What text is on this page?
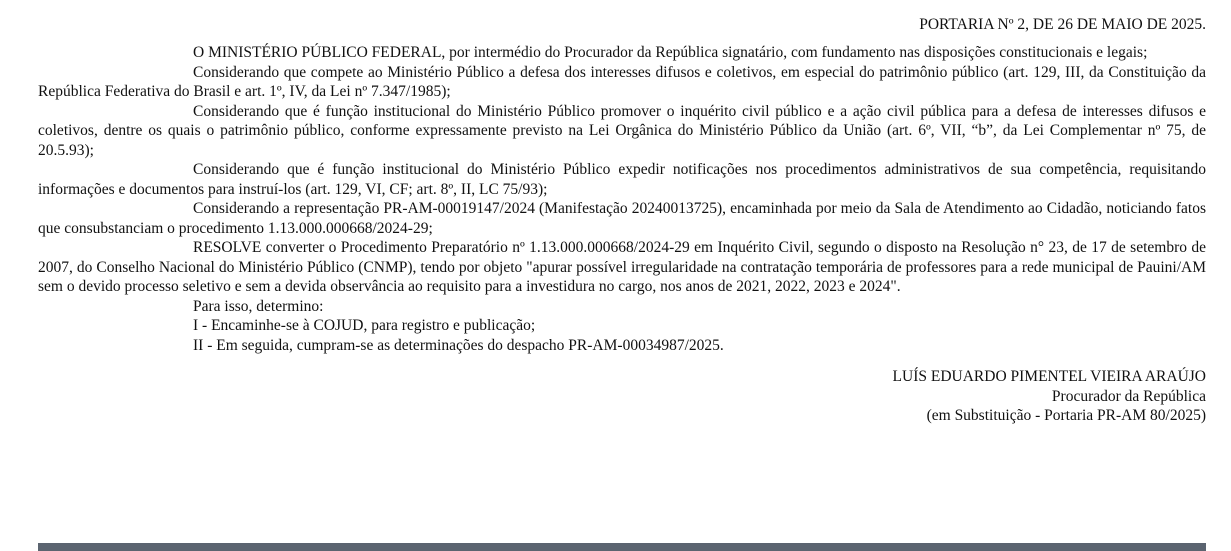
PORTARIA Nº 2, DE 26 DE MAIO DE 2025.

O MINISTÉRIO PÚBLICO FEDERAL, por intermédio do Procurador da República signatário, com fundamento nas disposições constitucionais e legais;

Considerando que compete ao Ministério Público a defesa dos interesses difusos e coletivos, em especial do patrimônio público (art. 129, III, da Constituição da República Federativa do Brasil e art. 1º, IV, da Lei nº 7.347/1985);

Considerando que é função institucional do Ministério Público promover o inquérito civil público e a ação civil pública para a defesa de interesses difusos e coletivos, dentre os quais o patrimônio público, conforme expressamente previsto na Lei Orgânica do Ministério Público da União (art. 6º, VII, “b”, da Lei Complementar nº 75, de 20.5.93);

Considerando que é função institucional do Ministério Público expedir notificações nos procedimentos administrativos de sua competência, requisitando informações e documentos para instruí-los (art. 129, VI, CF; art. 8º, II, LC 75/93);

Considerando a representação PR-AM-00019147/2024 (Manifestação 20240013725), encaminhada por meio da Sala de Atendimento ao Cidadão, noticiando fatos que consubstanciam o procedimento 1.13.000.000668/2024-29;

RESOLVE converter o Procedimento Preparatório nº 1.13.000.000668/2024-29 em Inquérito Civil, segundo o disposto na Resolução n° 23, de 17 de setembro de 2007, do Conselho Nacional do Ministério Público (CNMP), tendo por objeto "apurar possível irregularidade na contratação temporária de professores para a rede municipal de Pauini/AM sem o devido processo seletivo e sem a devida observância ao requisito para a investidura no cargo, nos anos de 2021, 2022, 2023 e 2024".

Para isso, determino:

I - Encaminhe-se à COJUD, para registro e publicação;

II - Em seguida, cumpram-se as determinações do despacho PR-AM-00034987/2025.

LUÍS EDUARDO PIMENTEL VIEIRA ARAÚJO
Procurador da República
(em Substituição - Portaria PR-AM 80/2025)
